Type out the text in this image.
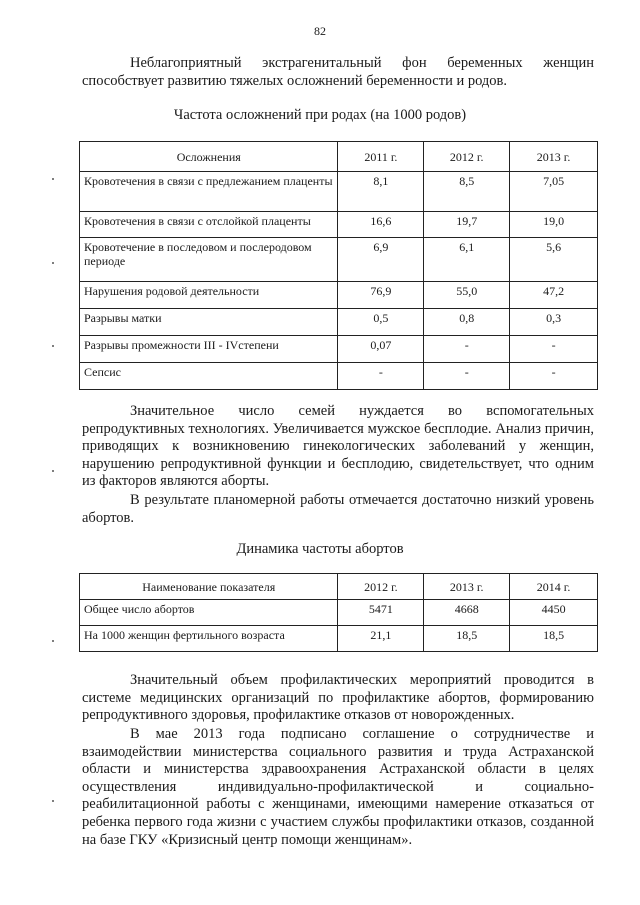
82

Неблагоприятный экстрагенитальный фон беременных женщин способствует развитию тяжелых осложнений беременности и родов.

Частота осложнений при родах (на 1000 родов)
Осложнения	2011 г.	2012 г.	2013 г.
Кровотечения в связи с предлежанием плаценты	8,1	8,5	7,05
Кровотечения в связи с отслойкой плаценты	16,6	19,7	19,0
Кровотечение в последовом и послеродовом периоде	6,9	6,1	5,6
Нарушения родовой деятельности	76,9	55,0	47,2
Разрывы матки	0,5	0,8	0,3
Разрывы промежности III - IVстепени	0,07	-	-
Сепсис	-	-	-

Значительное число семей нуждается во вспомогательных репродуктивных технологиях. Увеличивается мужское бесплодие. Анализ причин, приводящих к возникновению гинекологических заболеваний у женщин, нарушению репродуктивной функции и бесплодию, свидетельствует, что одним из факторов являются аборты.

В результате планомерной работы отмечается достаточно низкий уровень абортов.

Динамика частоты абортов
Наименование показателя	2012 г.	2013 г.	2014 г.
Общее число абортов	5471	4668	4450
На 1000 женщин фертильного возраста	21,1	18,5	18,5

Значительный объем профилактических мероприятий проводится в системе медицинских организаций по профилактике абортов, формированию репродуктивного здоровья, профилактике отказов от новорожденных.

В мае 2013 года подписано соглашение о сотрудничестве и взаимодействии министерства социального развития и труда Астраханской области и министерства здравоохранения Астраханской области в целях осуществления индивидуально-профилактической и социально-реабилитационной работы с женщинами, имеющими намерение отказаться от ребенка первого года жизни с участием службы профилактики отказов, созданной на базе ГКУ «Кризисный центр помощи женщинам».
